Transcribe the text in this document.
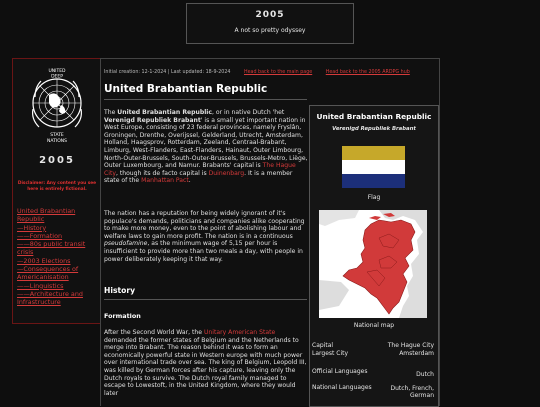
2005
A not so pretty odyssey
UNITED
DEEP
STATE
NATIONS
2005
Disclaimer: Any content you see here is entirely fictional.
United Brabantian Republic
—History
——Formation
——80s public transit crisis
—2003 Elections
—Consequences of Americanisation
——Linguistics
——Architecture and Infrastructure
Initial creation: 12-1-2024 | Last updated: 18-9-2024	Head back to the main page	Head back to the 2005 ARDPG hub
United Brabantian Republic
The United Brabantian Republic, or in native Dutch 'het Verenigd Republiek Brabant' is a small yet important nation in West Europe, consisting of 23 federal provinces, namely Fryslân, Groningen, Drenthe, Overijssel, Gelderland, Utrecht, Amsterdam, Holland, Haagsprov, Rotterdam, Zeeland, Centraal-Brabant, Limburg, West-Flanders, East-Flanders, Hainaut, Outer Limbourg, North-Outer-Brussels, South-Outer-Brussels, Brussels-Metro, Liège, Outer Luxembourg, and Namur. Brabants' capital is The Hague City, though its de facto capital is Duinenbarg. It is a member state of the Manhattan Pact.
The nation has a reputation for being widely ignorant of it's populace's demands, politicians and companies alike cooperating to make more money, even to the point of abolishing labour and welfare laws to gain more profit. The nation is in a continuous pseudofamine, as the minimum wage of 5,15 per hour is insufficient to provide more than two meals a day, with people in power deliberately keeping it that way.
History
Formation
After the Second World War, the Unitary American State demanded the former states of Belgium and the Netherlands to merge into Brabant. The reason behind it was to form an economically powerful state in Western europe with much power over international trade over sea. The king of Belgium, Leopold III, was killed by German forces after his capture, leaving only the Dutch royals to survive. The Dutch royal family managed to escape to Lowestoft, in the United Kingdom, where they would later
United Brabantian Republic
Verenigd Republiek Brabant
Flag
National map
Capital	The Hague City
Largest City	Amsterdam
Official Languages	Dutch
National Languages	Dutch, French, German
